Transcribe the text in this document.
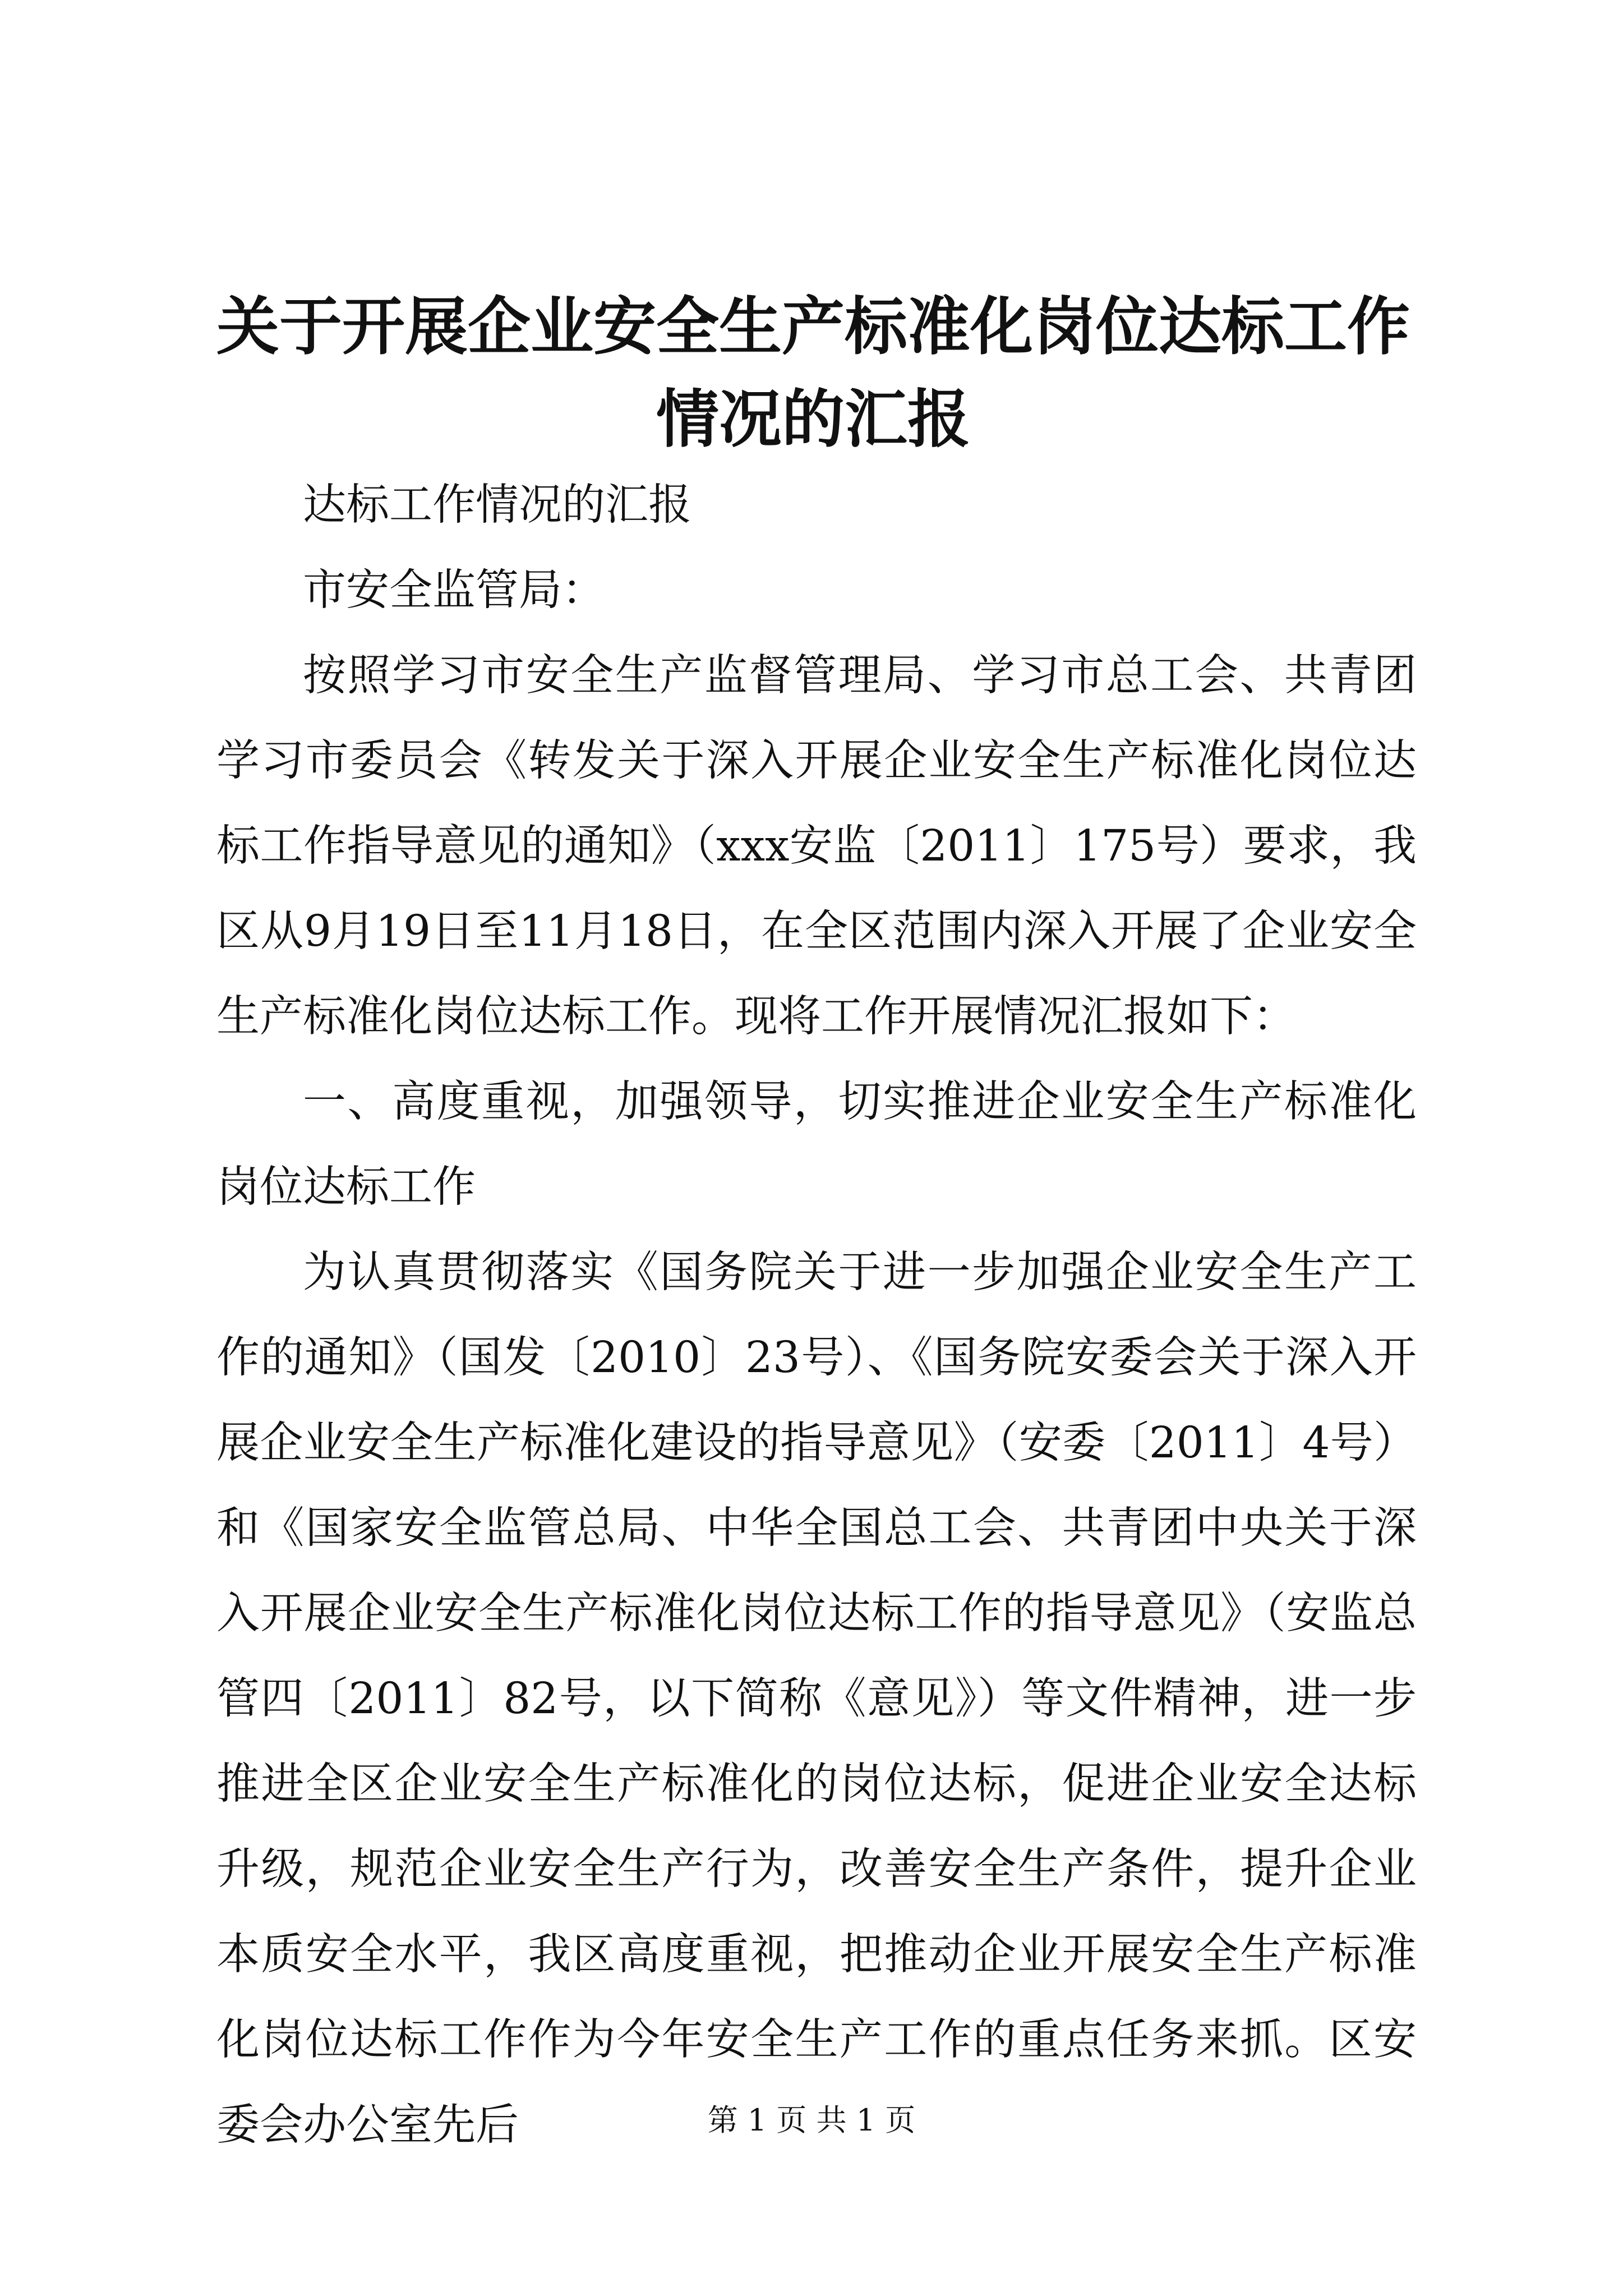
关于开展企业安全生产标准化岗位达标工作情况的汇报

达标工作情况的汇报

市安全监管局：

按照学习市安全生产监督管理局、学习市总工会、共青团学习市委员会《转发关于深入开展企业安全生产标准化岗位达标工作指导意见的通知》（xxx安监〔2011〕175号）要求，我区从9月19日至11月18日，在全区范围内深入开展了企业安全生产标准化岗位达标工作。现将工作开展情况汇报如下：

一、高度重视，加强领导，切实推进企业安全生产标准化岗位达标工作

为认真贯彻落实《国务院关于进一步加强企业安全生产工作的通知》（国发〔2010〕23号）、《国务院安委会关于深入开展企业安全生产标准化建设的指导意见》（安委〔2011〕4号）和《国家安全监管总局、中华全国总工会、共青团中央关于深入开展企业安全生产标准化岗位达标工作的指导意见》（安监总管四〔2011〕82号，以下简称《意见》）等文件精神，进一步推进全区企业安全生产标准化的岗位达标，促进企业安全达标升级，规范企业安全生产行为，改善安全生产条件，提升企业本质安全水平，我区高度重视，把推动企业开展安全生产标准化岗位达标工作作为今年安全生产工作的重点任务来抓。区安委会办公室先后	第 1 页 共 1 页
